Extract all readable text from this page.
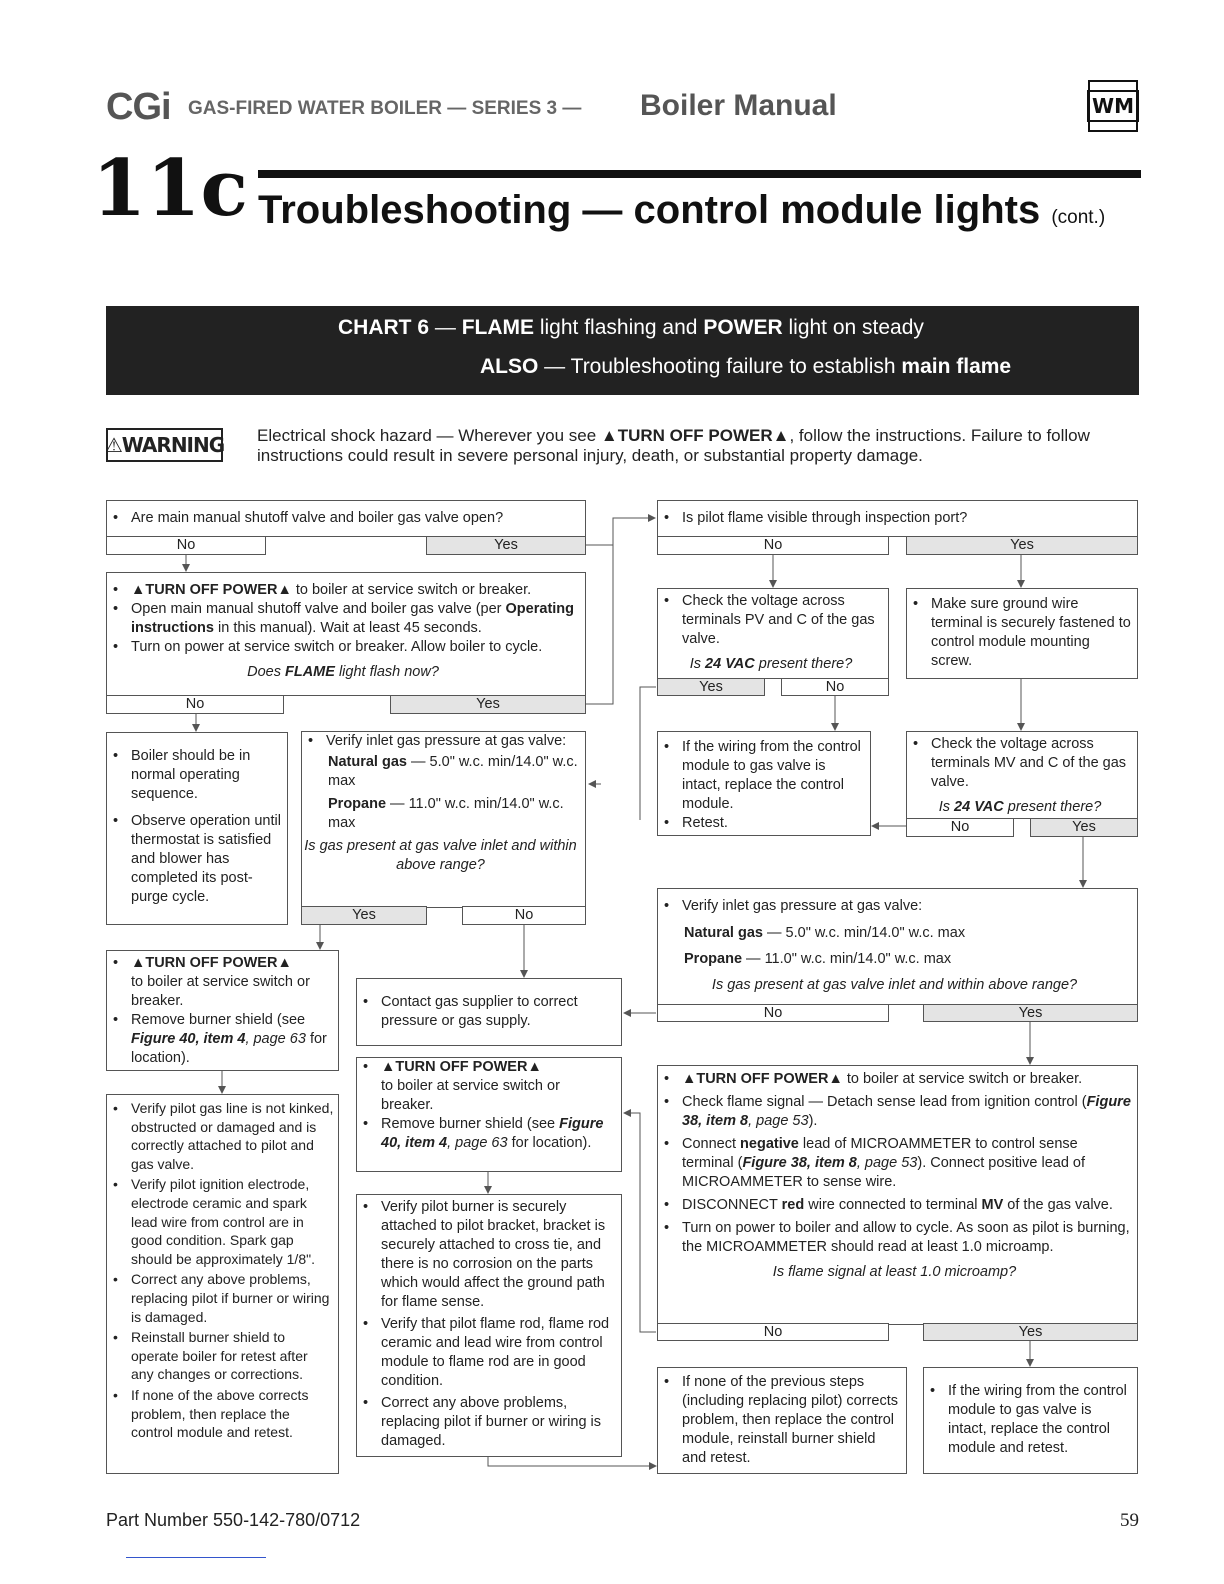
CGi GAS-FIRED WATER BOILER — SERIES 3 — Boiler Manual	WM
11c Troubleshooting — control module lights (cont.)
CHART 6 — FLAME light flashing and POWER light on steady
ALSO — Troubleshooting failure to establish main flame
⚠WARNING Electrical shock hazard — Wherever you see ▲TURN OFF POWER▲, follow the instructions. Failure to follow instructions could result in severe personal injury, death, or substantial property damage.
• Are main manual shutoff valve and boiler gas valve open?
No	Yes
• ▲TURN OFF POWER▲ to boiler at service switch or breaker.
• Open main manual shutoff valve and boiler gas valve (per Operating instructions in this manual). Wait at least 45 seconds.
• Turn on power at service switch or breaker. Allow boiler to cycle.
Does FLAME light flash now?
No	Yes
• Boiler should be in normal operating sequence.
• Observe operation until thermostat is satisfied and blower has completed its post-purge cycle.
• Verify inlet gas pressure at gas valve:
Natural gas — 5.0" w.c. min/14.0" w.c. max
Propane — 11.0" w.c. min/14.0" w.c. max
Is gas present at gas valve inlet and within above range?
Yes	No
• ▲TURN OFF POWER▲
to boiler at service switch or breaker.
• Remove burner shield (see Figure 40, item 4, page 63 for location).
• Contact gas supplier to correct pressure or gas supply.
• ▲TURN OFF POWER▲
to boiler at service switch or breaker.
• Remove burner shield (see Figure 40, item 4, page 63 for location).
• Verify pilot gas line is not kinked, obstructed or damaged and is correctly attached to pilot and gas valve.
• Verify pilot ignition electrode, electrode ceramic and spark lead wire from control are in good condition. Spark gap should be approximately 1/8".
• Correct any above problems, replacing pilot if burner or wiring is damaged.
• Reinstall burner shield to operate boiler for retest after any changes or corrections.
• If none of the above corrects problem, then replace the control module and retest.
• Verify pilot burner is securely attached to pilot bracket, bracket is securely attached to cross tie, and there is no corrosion on the parts which would affect the ground path for flame sense.
• Verify that pilot flame rod, flame rod ceramic and lead wire from control module to flame rod are in good condition.
• Correct any above problems, replacing pilot if burner or wiring is damaged.
• Is pilot flame visible through inspection port?
No	Yes
• Check the voltage across terminals PV and C of the gas valve.
Is 24 VAC present there?
Yes	No
• Make sure ground wire terminal is securely fastened to control module mounting screw.
• If the wiring from the control module to gas valve is intact, replace the control module.
• Retest.
• Check the voltage across terminals MV and C of the gas valve.
Is 24 VAC present there?
No	Yes
• Verify inlet gas pressure at gas valve:
Natural gas — 5.0" w.c. min/14.0" w.c. max
Propane — 11.0" w.c. min/14.0" w.c. max
Is gas present at gas valve inlet and within above range?
No	Yes
• ▲TURN OFF POWER▲ to boiler at service switch or breaker.
• Check flame signal — Detach sense lead from ignition control (Figure 38, item 8, page 53).
• Connect negative lead of MICROAMMETER to control sense terminal (Figure 38, item 8, page 53). Connect positive lead of MICROAMMETER to sense wire.
• DISCONNECT red wire connected to terminal MV of the gas valve.
• Turn on power to boiler and allow to cycle. As soon as pilot is burning, the MICROAMMETER should read at least 1.0 microamp.
Is flame signal at least 1.0 microamp?
No	Yes
• If none of the previous steps (including replacing pilot) corrects problem, then replace the control module, reinstall burner shield and retest.
• If the wiring from the control module to gas valve is intact, replace the control module and retest.
Part Number 550-142-780/0712	59
